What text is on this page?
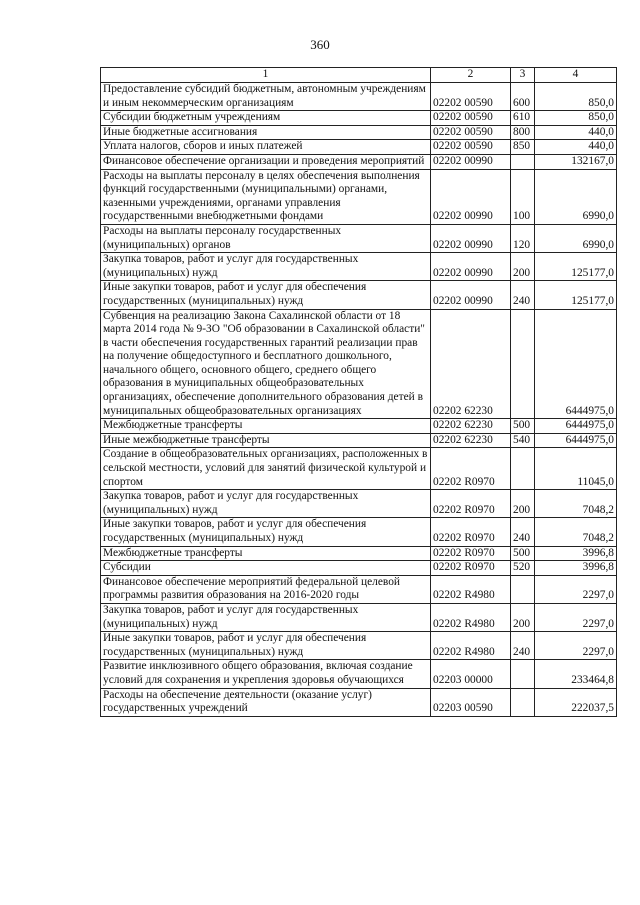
360
1	2	3	4
Предоставление субсидий бюджетным, автономным учреждениям и иным некоммерческим организациям	02202 00590	600	850,0
Субсидии бюджетным учреждениям	02202 00590	610	850,0
Иные бюджетные ассигнования	02202 00590	800	440,0
Уплата налогов, сборов и иных платежей	02202 00590	850	440,0
Финансовое обеспечение организации и проведения мероприятий	02202 00990		132167,0
Расходы на выплаты персоналу в целях обеспечения выполнения функций государственными (муниципальными) органами, казенными учреждениями, органами управления государственными внебюджетными фондами	02202 00990	100	6990,0
Расходы на выплаты персоналу государственных (муниципальных) органов	02202 00990	120	6990,0
Закупка товаров, работ и услуг для государственных (муниципальных) нужд	02202 00990	200	125177,0
Иные закупки товаров, работ и услуг для обеспечения государственных (муниципальных) нужд	02202 00990	240	125177,0
Субвенция на реализацию Закона Сахалинской области от 18 марта 2014 года № 9-ЗО "Об образовании в Сахалинской области" в части обеспечения государственных гарантий реализации прав на получение общедоступного и бесплатного дошкольного, начального общего, основного общего, среднего общего образования в муниципальных общеобразовательных организациях, обеспечение дополнительного образования детей в муниципальных общеобразовательных организациях	02202 62230		6444975,0
Межбюджетные трансферты	02202 62230	500	6444975,0
Иные межбюджетные трансферты	02202 62230	540	6444975,0
Создание в общеобразовательных организациях, расположенных в сельской местности, условий для занятий физической культурой и спортом	02202 R0970		11045,0
Закупка товаров, работ и услуг для государственных (муниципальных) нужд	02202 R0970	200	7048,2
Иные закупки товаров, работ и услуг для обеспечения государственных (муниципальных) нужд	02202 R0970	240	7048,2
Межбюджетные трансферты	02202 R0970	500	3996,8
Субсидии	02202 R0970	520	3996,8
Финансовое обеспечение мероприятий федеральной целевой программы развития образования на 2016-2020 годы	02202 R4980		2297,0
Закупка товаров, работ и услуг для государственных (муниципальных) нужд	02202 R4980	200	2297,0
Иные закупки товаров, работ и услуг для обеспечения государственных (муниципальных) нужд	02202 R4980	240	2297,0
Развитие инклюзивного общего образования, включая создание условий для сохранения и укрепления здоровья обучающихся	02203 00000		233464,8
Расходы на обеспечение деятельности (оказание услуг) государственных учреждений	02203 00590		222037,5
